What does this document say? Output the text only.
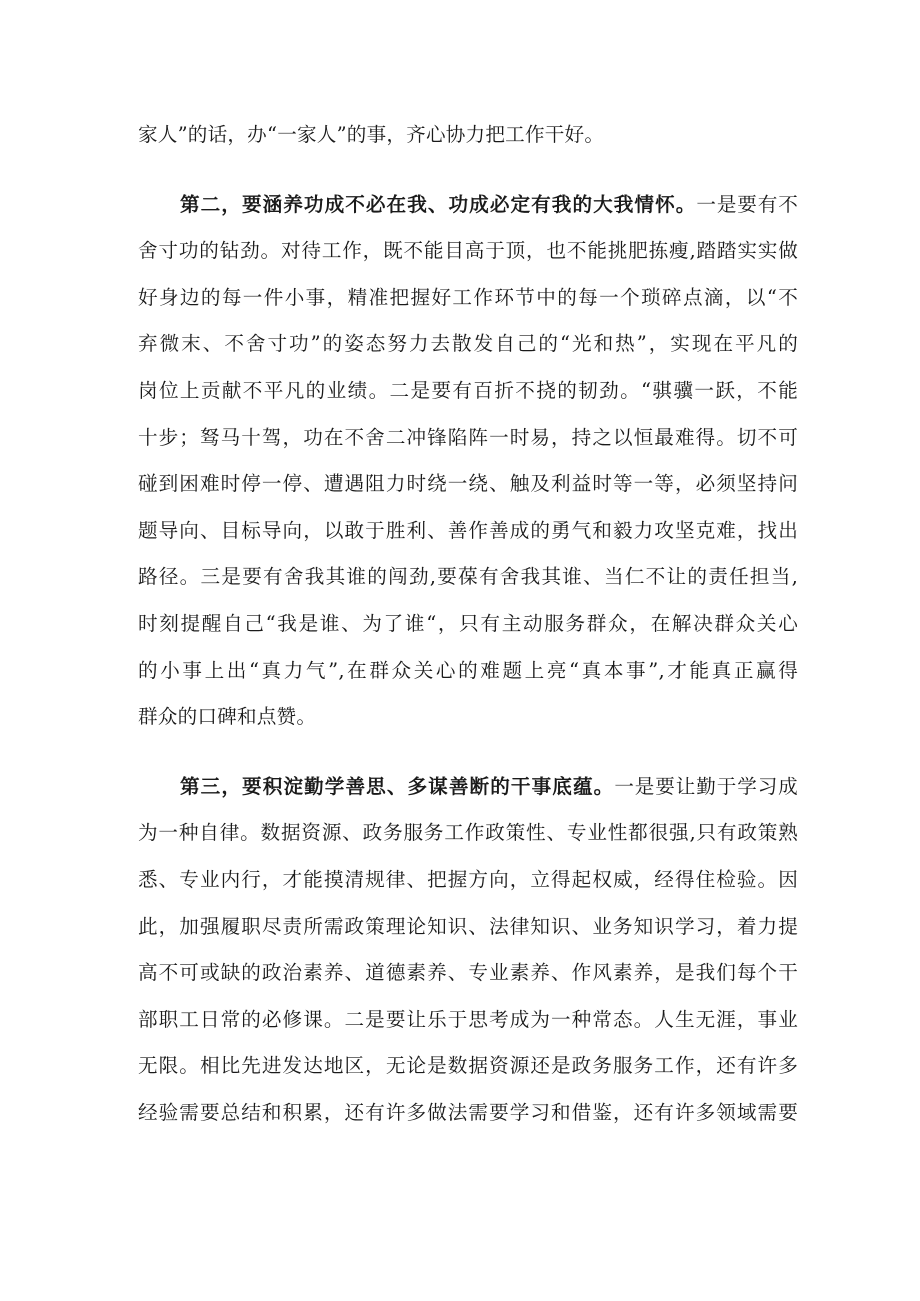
家人”的话，办“一家人”的事，齐心协力把工作干好。
第二，要涵养功成不必在我、功成必定有我的大我情怀。一是要有不
舍寸功的钻劲。对待工作，既不能目高于顶，也不能挑肥拣瘦,踏踏实实做
好身边的每一件小事，精准把握好工作环节中的每一个琐碎点滴，以“不
弃微末、不舍寸功”的姿态努力去散发自己的“光和热”，实现在平凡的
岗位上贡献不平凡的业绩。二是要有百折不挠的韧劲。“骐骥一跃，不能
十步；驽马十驾，功在不舍二冲锋陷阵一时易，持之以恒最难得。切不可
碰到困难时停一停、遭遇阻力时绕一绕、触及利益时等一等，必须坚持问
题导向、目标导向，以敢于胜利、善作善成的勇气和毅力攻坚克难，找出
路径。三是要有舍我其谁的闯劲,要葆有舍我其谁、当仁不让的责任担当,
时刻提醒自己“我是谁、为了谁“，只有主动服务群众，在解决群众关心
的小事上出“真力气”,在群众关心的难题上亮“真本事”,才能真正赢得
群众的口碑和点赞。
第三，要积淀勤学善思、多谋善断的干事底蕴。一是要让勤于学习成
为一种自律。数据资源、政务服务工作政策性、专业性都很强,只有政策熟
悉、专业内行，才能摸清规律、把握方向，立得起权威，经得住检验。因
此，加强履职尽责所需政策理论知识、法律知识、业务知识学习，着力提
高不可或缺的政治素养、道德素养、专业素养、作风素养，是我们每个干
部职工日常的必修课。二是要让乐于思考成为一种常态。人生无涯，事业
无限。相比先进发达地区，无论是数据资源还是政务服务工作，还有许多
经验需要总结和积累，还有许多做法需要学习和借鉴，还有许多领域需要
